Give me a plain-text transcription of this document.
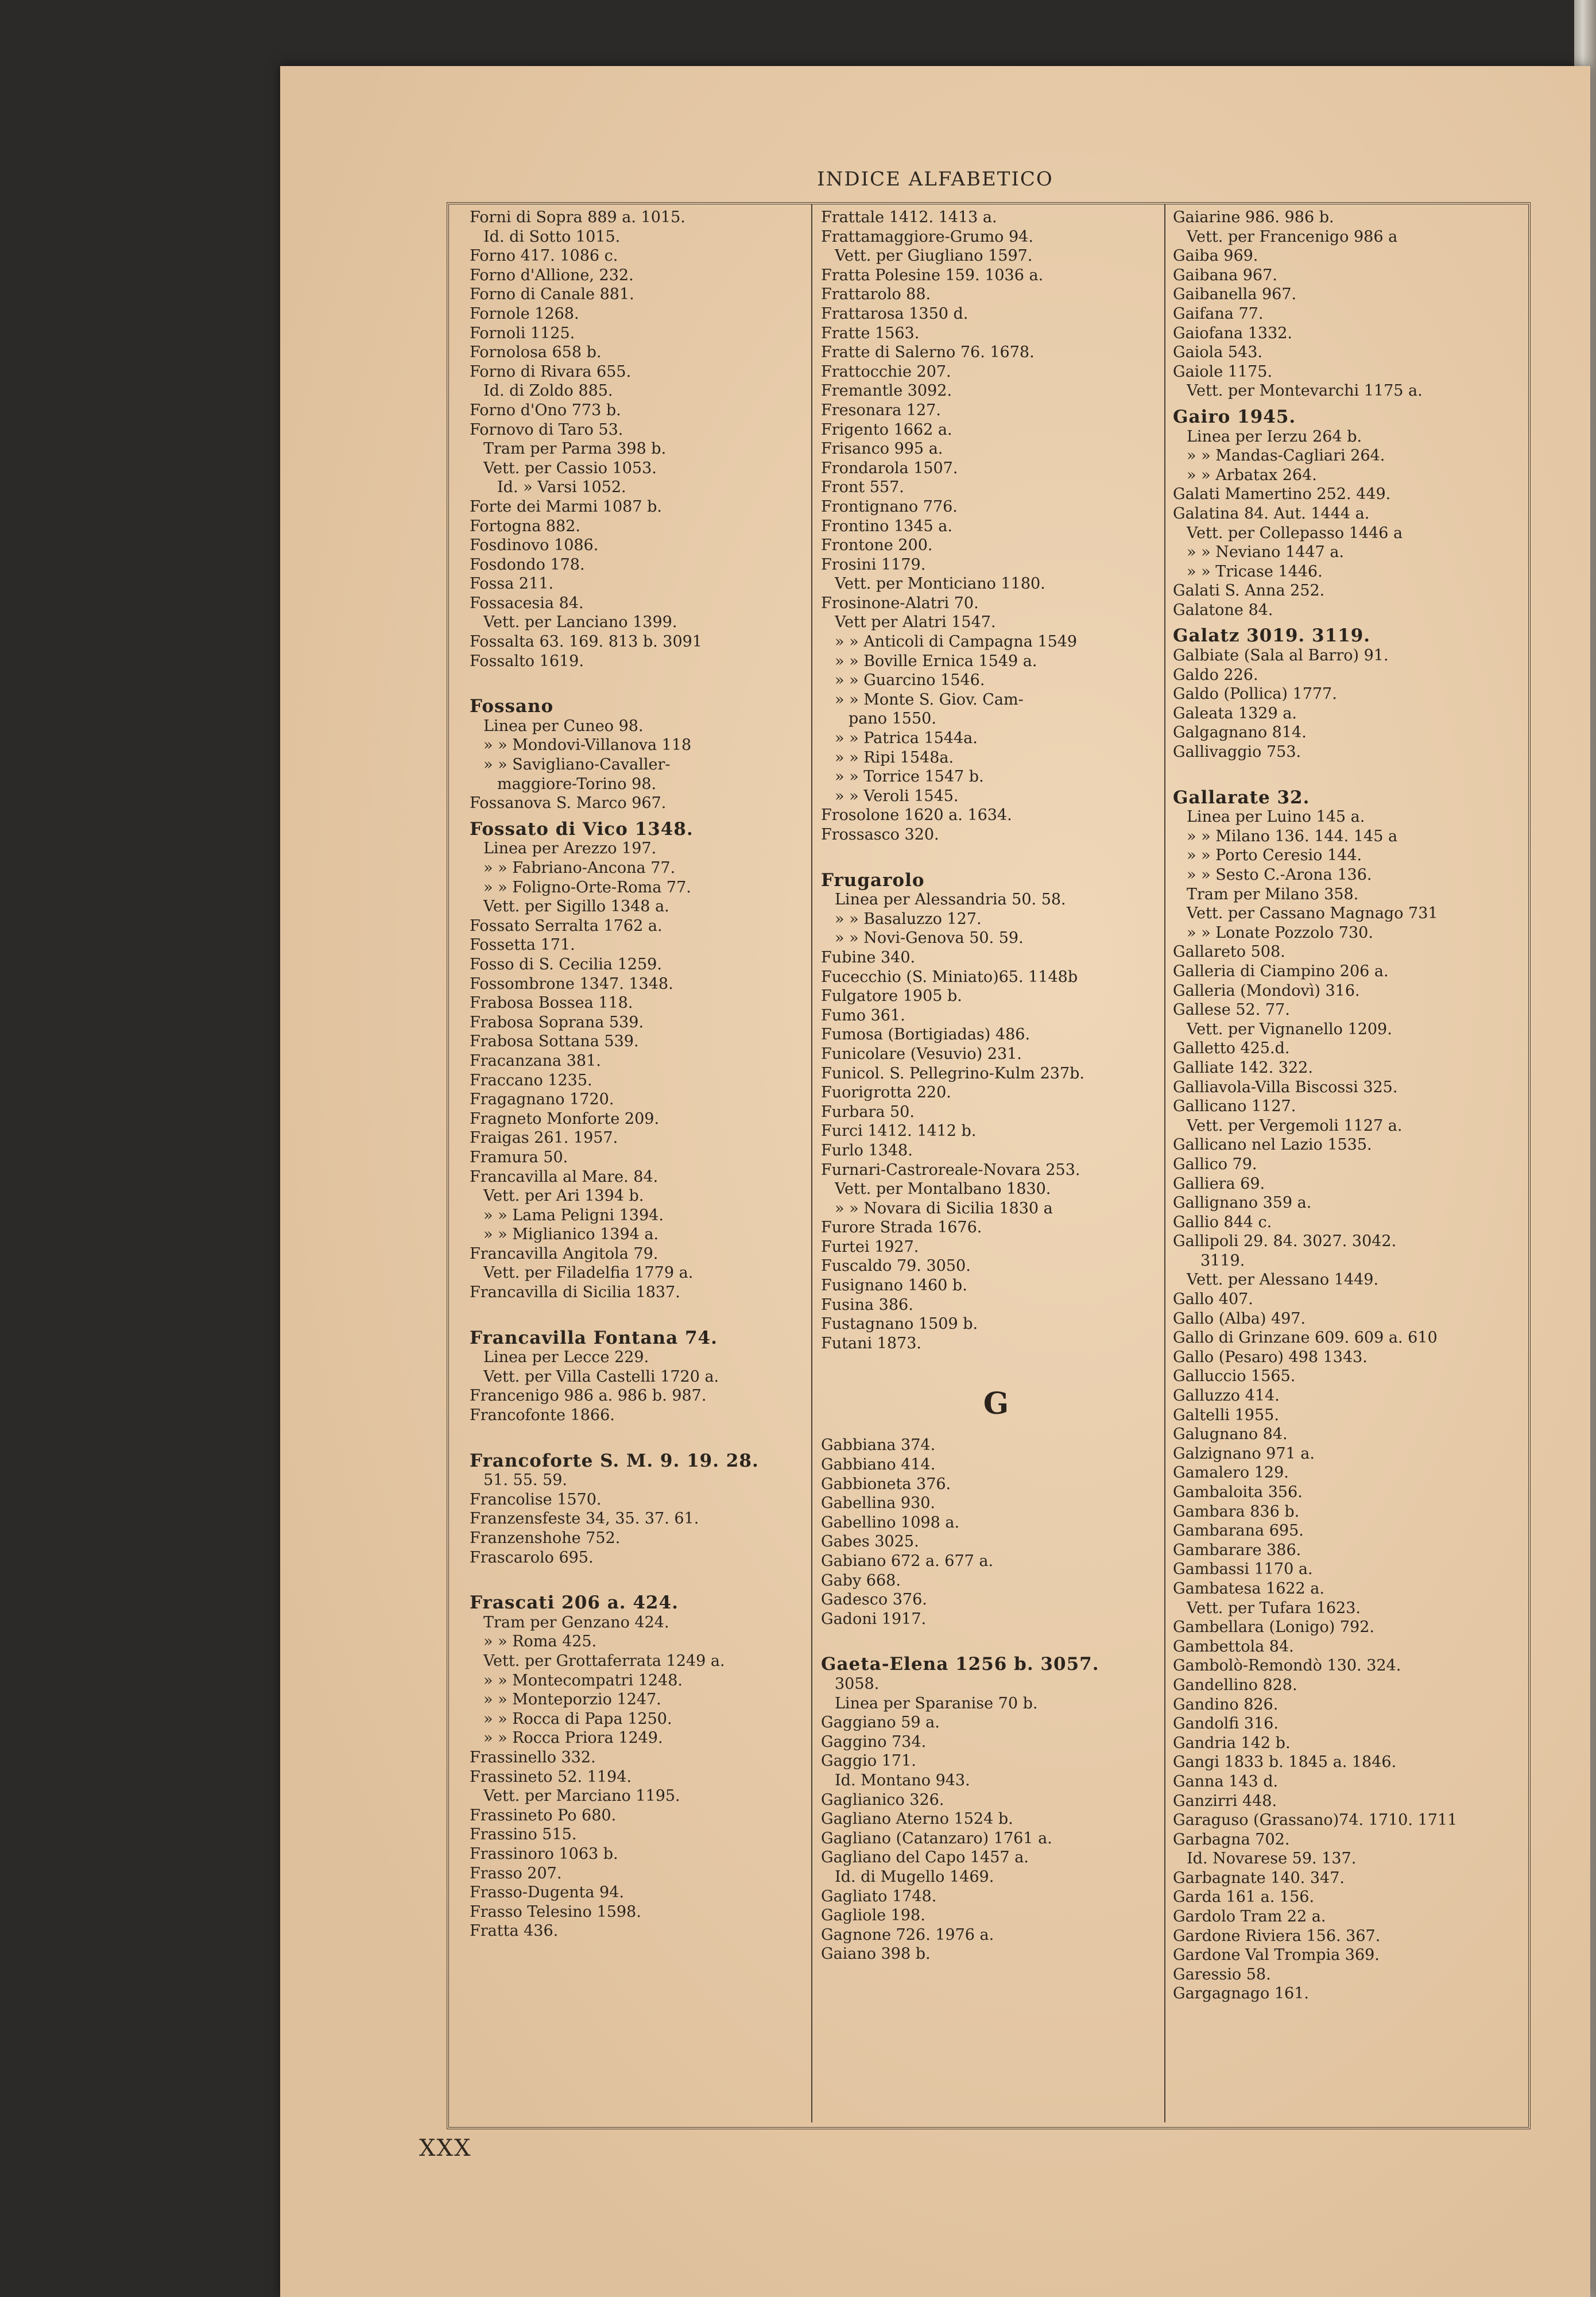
INDICE ALFABETICO
Forni di Sopra 889 a. 1015.
Id. di Sotto 1015.
Forno 417. 1086 c.
Forno d'Allione, 232.
Forno di Canale 881.
Fornole 1268.
Fornoli 1125.
Fornolosa 658 b.
Forno di Rivara 655.
Id. di Zoldo 885.
Forno d'Ono 773 b.
Fornovo di Taro 53.
Tram per Parma 398 b.
Vett. per Cassio 1053.
Id. » Varsi 1052.
Forte dei Marmi 1087 b.
Fortogna 882.
Fosdinovo 1086.
Fosdondo 178.
Fossa 211.
Fossacesia 84.
Vett. per Lanciano 1399.
Fossalta 63. 169. 813 b. 3091
Fossalto 1619.
Fossano
Linea per Cuneo 98.
» » Mondovi-Villanova 118
» » Savigliano-Cavaller-
maggiore-Torino 98.
Fossanova S. Marco 967.
Fossato di Vico 1348.
Linea per Arezzo 197.
» » Fabriano-Ancona 77.
» » Foligno-Orte-Roma 77.
Vett. per Sigillo 1348 a.
Fossato Serralta 1762 a.
Fossetta 171.
Fosso di S. Cecilia 1259.
Fossombrone 1347. 1348.
Frabosa Bossea 118.
Frabosa Soprana 539.
Frabosa Sottana 539.
Fracanzana 381.
Fraccano 1235.
Fragagnano 1720.
Fragneto Monforte 209.
Fraigas 261. 1957.
Framura 50.
Francavilla al Mare. 84.
Vett. per Ari 1394 b.
» » Lama Peligni 1394.
» » Miglianico 1394 a.
Francavilla Angitola 79.
Vett. per Filadelfia 1779 a.
Francavilla di Sicilia 1837.
Francavilla Fontana 74.
Linea per Lecce 229.
Vett. per Villa Castelli 1720 a.
Francenigo 986 a. 986 b. 987.
Francofonte 1866.
Francoforte S. M. 9. 19. 28.
51. 55. 59.
Francolise 1570.
Franzensfeste 34, 35. 37. 61.
Franzenshohe 752.
Frascarolo 695.
Frascati 206 a. 424.
Tram per Genzano 424.
» » Roma 425.
Vett. per Grottaferrata 1249 a.
» » Montecompatri 1248.
» » Monteporzio 1247.
» » Rocca di Papa 1250.
» » Rocca Priora 1249.
Frassinello 332.
Frassineto 52. 1194.
Vett. per Marciano 1195.
Frassineto Po 680.
Frassino 515.
Frassinoro 1063 b.
Frasso 207.
Frasso-Dugenta 94.
Frasso Telesino 1598.
Fratta 436.
Frattale 1412. 1413 a.
Frattamaggiore-Grumo 94.
Vett. per Giugliano 1597.
Fratta Polesine 159. 1036 a.
Frattarolo 88.
Frattarosa 1350 d.
Fratte 1563.
Fratte di Salerno 76. 1678.
Frattocchie 207.
Fremantle 3092.
Fresonara 127.
Frigento 1662 a.
Frisanco 995 a.
Frondarola 1507.
Front 557.
Frontignano 776.
Frontino 1345 a.
Frontone 200.
Frosini 1179.
Vett. per Monticiano 1180.
Frosinone-Alatri 70.
Vett per Alatri 1547.
» » Anticoli di Campagna 1549
» » Boville Ernica 1549 a.
» » Guarcino 1546.
» » Monte S. Giov. Cam-
pano 1550.
» » Patrica 1544a.
» » Ripi 1548a.
» » Torrice 1547 b.
» » Veroli 1545.
Frosolone 1620 a. 1634.
Frossasco 320.
Frugarolo
Linea per Alessandria 50. 58.
» » Basaluzzo 127.
» » Novi-Genova 50. 59.
Fubine 340.
Fucecchio (S. Miniato)65. 1148b
Fulgatore 1905 b.
Fumo 361.
Fumosa (Bortigiadas) 486.
Funicolare (Vesuvio) 231.
Funicol. S. Pellegrino-Kulm 237b.
Fuorigrotta 220.
Furbara 50.
Furci 1412. 1412 b.
Furlo 1348.
Furnari-Castroreale-Novara 253.
Vett. per Montalbano 1830.
» » Novara di Sicilia 1830 a
Furore Strada 1676.
Furtei 1927.
Fuscaldo 79. 3050.
Fusignano 1460 b.
Fusina 386.
Fustagnano 1509 b.
Futani 1873.
G
Gabbiana 374.
Gabbiano 414.
Gabbioneta 376.
Gabellina 930.
Gabellino 1098 a.
Gabes 3025.
Gabiano 672 a. 677 a.
Gaby 668.
Gadesco 376.
Gadoni 1917.
Gaeta-Elena 1256 b. 3057.
3058.
Linea per Sparanise 70 b.
Gaggiano 59 a.
Gaggino 734.
Gaggio 171.
Id. Montano 943.
Gaglianico 326.
Gagliano Aterno 1524 b.
Gagliano (Catanzaro) 1761 a.
Gagliano del Capo 1457 a.
Id. di Mugello 1469.
Gagliato 1748.
Gagliole 198.
Gagnone 726. 1976 a.
Gaiano 398 b.
Gaiarine 986. 986 b.
Vett. per Francenigo 986 a
Gaiba 969.
Gaibana 967.
Gaibanella 967.
Gaifana 77.
Gaiofana 1332.
Gaiola 543.
Gaiole 1175.
Vett. per Montevarchi 1175 a.
Gairo 1945.
Linea per Ierzu 264 b.
» » Mandas-Cagliari 264.
» » Arbatax 264.
Galati Mamertino 252. 449.
Galatina 84. Aut. 1444 a.
Vett. per Collepasso 1446 a
» » Neviano 1447 a.
» » Tricase 1446.
Galati S. Anna 252.
Galatone 84.
Galatz 3019. 3119.
Galbiate (Sala al Barro) 91.
Galdo 226.
Galdo (Pollica) 1777.
Galeata 1329 a.
Galgagnano 814.
Gallivaggio 753.
Gallarate 32.
Linea per Luino 145 a.
» » Milano 136. 144. 145 a
» » Porto Ceresio 144.
» » Sesto C.-Arona 136.
Tram per Milano 358.
Vett. per Cassano Magnago 731
» » Lonate Pozzolo 730.
Gallareto 508.
Galleria di Ciampino 206 a.
Galleria (Mondovì) 316.
Gallese 52. 77.
Vett. per Vignanello 1209.
Galletto 425.d.
Galliate 142. 322.
Galliavola-Villa Biscossi 325.
Gallicano 1127.
Vett. per Vergemoli 1127 a.
Gallicano nel Lazio 1535.
Gallico 79.
Galliera 69.
Gallignano 359 a.
Gallio 844 c.
Gallipoli 29. 84. 3027. 3042.
3119.
Vett. per Alessano 1449.
Gallo 407.
Gallo (Alba) 497.
Gallo di Grinzane 609. 609 a. 610
Gallo (Pesaro) 498 1343.
Galluccio 1565.
Galluzzo 414.
Galtelli 1955.
Galugnano 84.
Galzignano 971 a.
Gamalero 129.
Gambaloita 356.
Gambara 836 b.
Gambarana 695.
Gambarare 386.
Gambassi 1170 a.
Gambatesa 1622 a.
Vett. per Tufara 1623.
Gambellara (Lonigo) 792.
Gambettola 84.
Gambolò-Remondò 130. 324.
Gandellino 828.
Gandino 826.
Gandolfi 316.
Gandria 142 b.
Gangi 1833 b. 1845 a. 1846.
Ganna 143 d.
Ganzirri 448.
Garaguso (Grassano)74. 1710. 1711
Garbagna 702.
Id. Novarese 59. 137.
Garbagnate 140. 347.
Garda 161 a. 156.
Gardolo Tram 22 a.
Gardone Riviera 156. 367.
Gardone Val Trompia 369.
Garessio 58.
Gargagnago 161.
XXX
